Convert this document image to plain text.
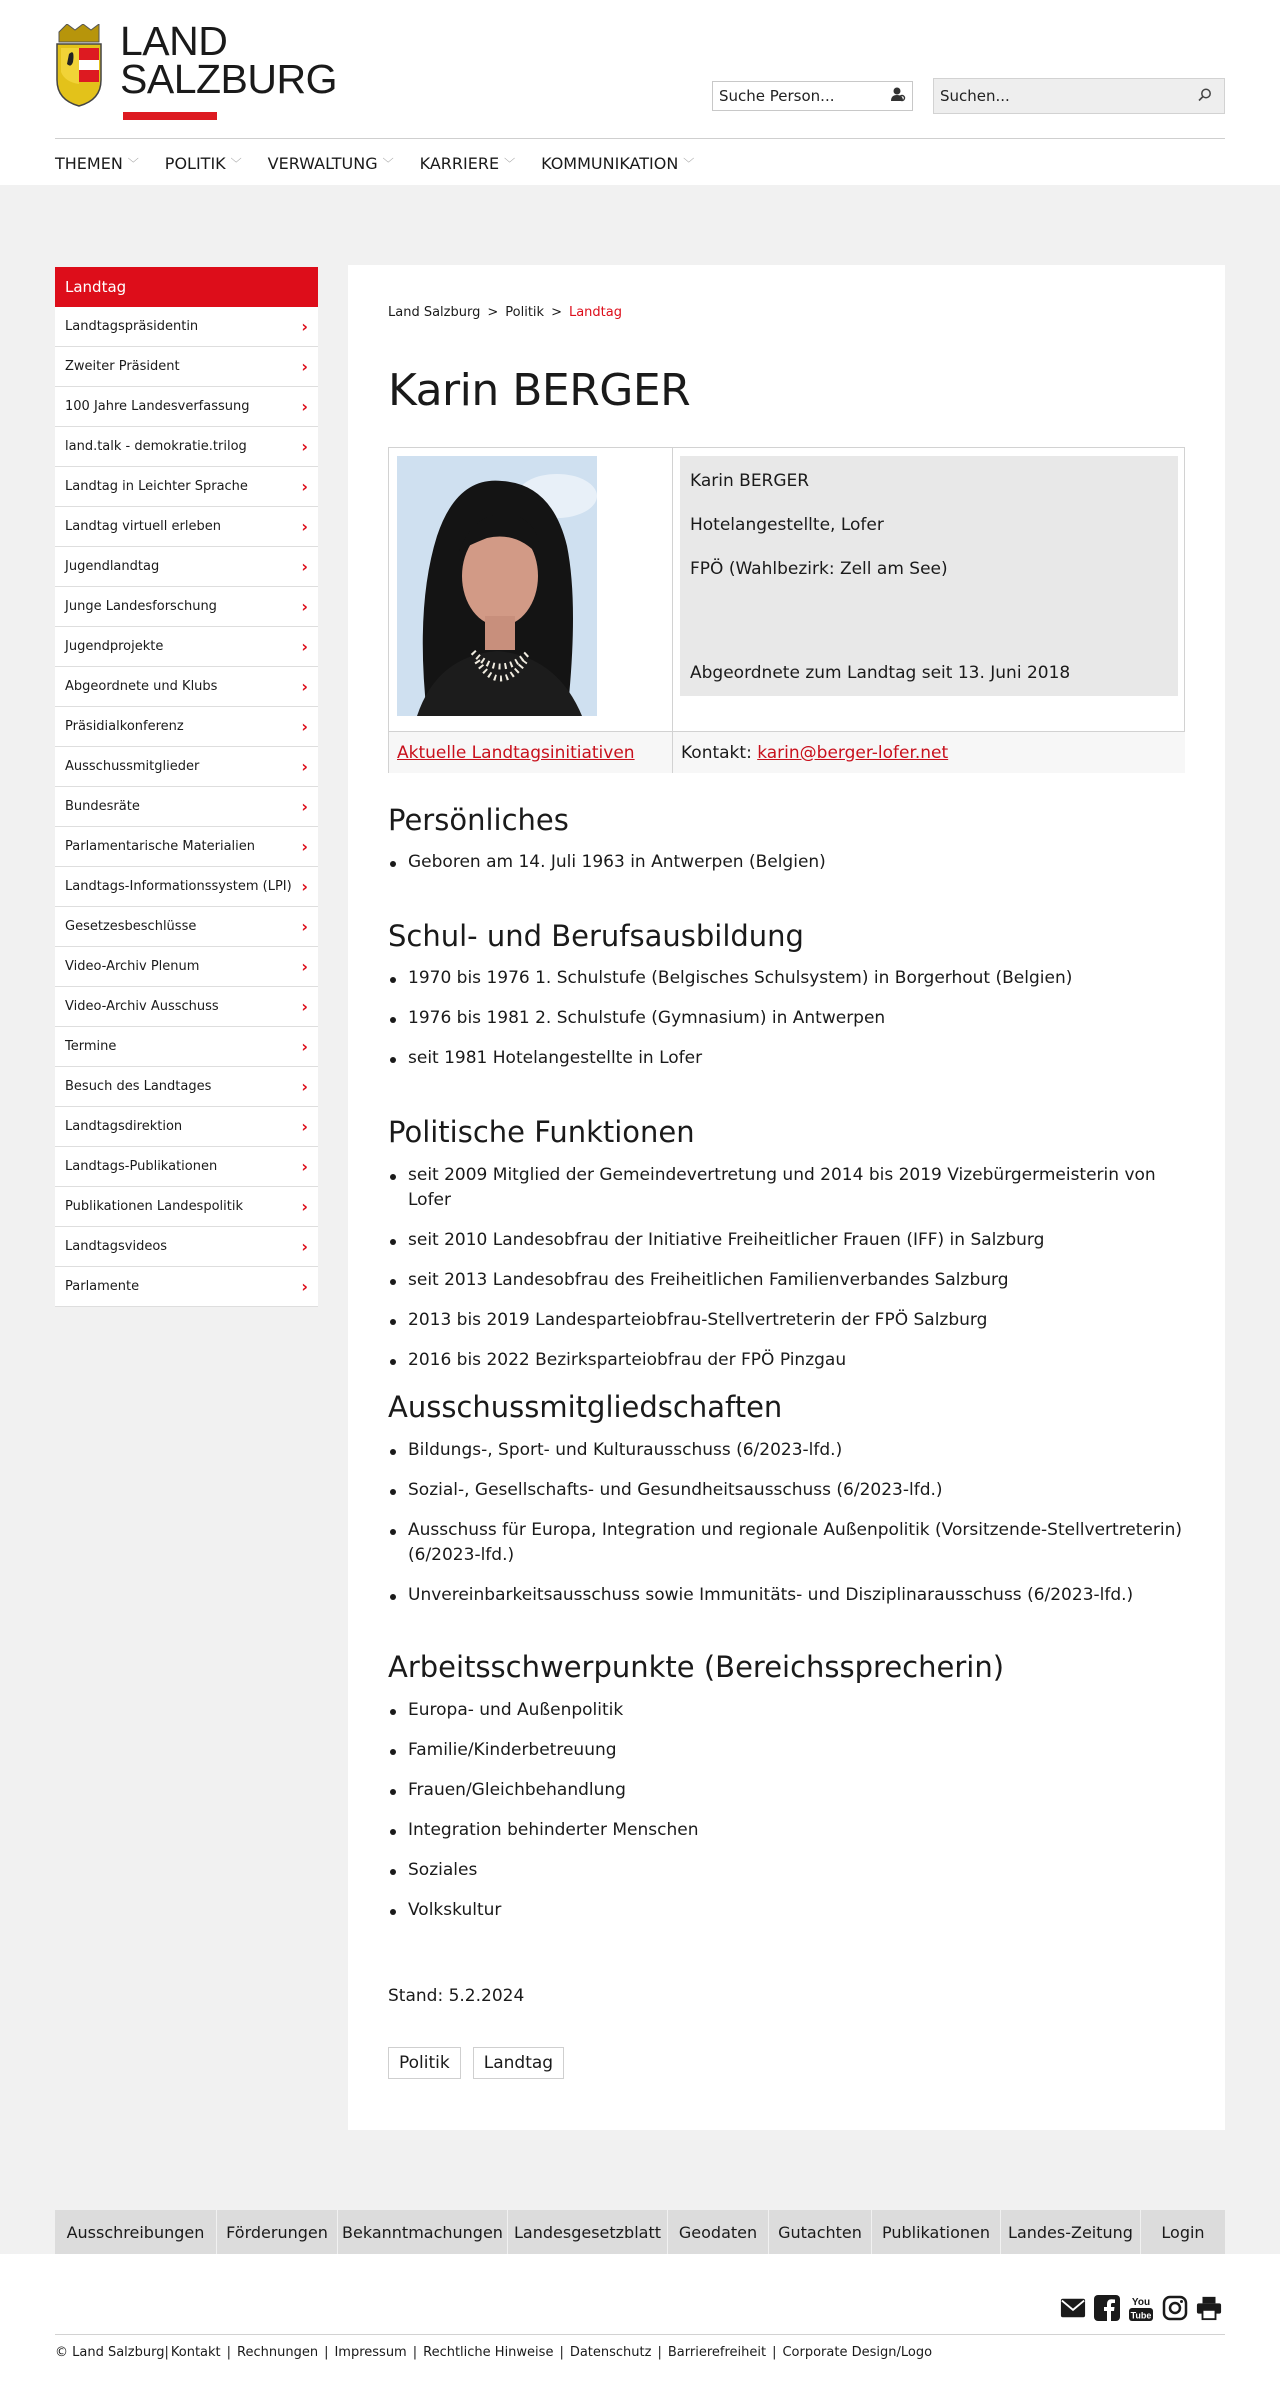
LAND
SALZBURG
Suche Person...
Suchen...
THEMEN ﹀ POLITIK ﹀ VERWALTUNG ﹀ KARRIERE ﹀ KOMMUNIKATION ﹀
Landtag
Landtagspräsidentin	›
Zweiter Präsident	›
100 Jahre Landesverfassung	›
land.talk - demokratie.trilog	›
Landtag in Leichter Sprache	›
Landtag virtuell erleben	›
Jugendlandtag	›
Junge Landesforschung	›
Jugendprojekte	›
Abgeordnete und Klubs	›
Präsidialkonferenz	›
Ausschussmitglieder	›
Bundesräte	›
Parlamentarische Materialien	›
Landtags-Informationssystem (LPI) ›
Gesetzesbeschlüsse	›
Video-Archiv Plenum	›
Video-Archiv Ausschuss	›
Termine	›
Besuch des Landtages	›
Landtagsdirektion	›
Landtags-Publikationen	›
Publikationen Landespolitik	›
Landtagsvideos	›
Parlamente	›
Land Salzburg > Politik > Landtag
Karin BERGER

Karin BERGER

Hotelangestellte, Lofer

FPÖ (Wahlbezirk: Zell am See)

Abgeordnete zum Landtag seit 13. Juni 2018

Aktuelle Landtagsinitiativen	Kontakt: karin@berger-lofer.net
Persönliches
Geboren am 14. Juli 1963 in Antwerpen (Belgien)
Schul- und Berufsausbildung
1970 bis 1976 1. Schulstufe (Belgisches Schulsystem) in Borgerhout (Belgien)
1976 bis 1981 2. Schulstufe (Gymnasium) in Antwerpen
seit 1981 Hotelangestellte in Lofer
Politische Funktionen
seit 2009 Mitglied der Gemeindevertretung und 2014 bis 2019 Vizebürgermeisterin von Lofer
seit 2010 Landesobfrau der Initiative Freiheitlicher Frauen (IFF) in Salzburg
seit 2013 Landesobfrau des Freiheitlichen Familienverbandes Salzburg
2013 bis 2019 Landesparteiobfrau-Stellvertreterin der FPÖ Salzburg
2016 bis 2022 Bezirksparteiobfrau der FPÖ Pinzgau
Ausschussmitgliedschaften
Bildungs-, Sport- und Kulturausschuss (6/2023-lfd.)
Sozial-, Gesellschafts- und Gesundheitsausschuss (6/2023-lfd.)
Ausschuss für Europa, Integration und regionale Außenpolitik (Vorsitzende-Stellvertreterin) (6/2023-lfd.)
Unvereinbarkeitsausschuss sowie Immunitäts- und Disziplinarausschuss (6/2023-lfd.)
Arbeitsschwerpunkte (Bereichssprecherin)
Europa- und Außenpolitik
Familie/Kinderbetreuung
Frauen/Gleichbehandlung
Integration behinderter Menschen
Soziales
Volkskultur
Stand: 5.2.2024
Politik	Landtag
Ausschreibungen	Förderungen Bekanntmachungen Landesgesetzblatt	Geodaten	Gutachten	Publikationen	Landes-Zeitung	Login
You
Tube
© Land Salzburg | Kontakt | Rechnungen | Impressum | Rechtliche Hinweise | Datenschutz | Barrierefreiheit | Corporate Design/Logo
